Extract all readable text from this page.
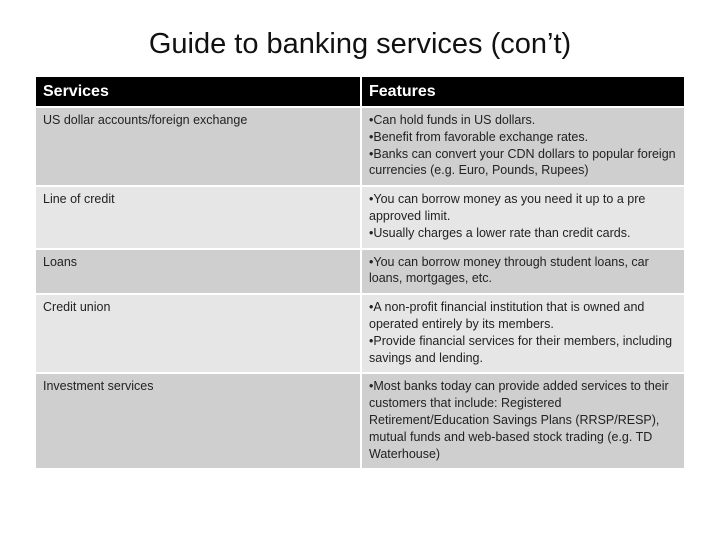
Guide to banking services (con’t)
Services	Features
US dollar accounts/foreign exchange	•Can hold funds in US dollars.
•Benefit from favorable exchange rates.
•Banks can convert your CDN dollars to popular foreign currencies (e.g. Euro, Pounds, Rupees)

Line of credit	•You can borrow money as you need it up to a pre approved limit.
•Usually charges a lower rate than credit cards.

Loans	•You can borrow money through student loans, car loans, mortgages, etc.

Credit union	•A non-profit financial institution that is owned and operated entirely by its members.
•Provide financial services for their members, including savings and lending.

Investment services	•Most banks today can provide added services to their customers that include: Registered Retirement/Education Savings Plans (RRSP/RESP), mutual funds and web-based stock trading (e.g. TD Waterhouse)
